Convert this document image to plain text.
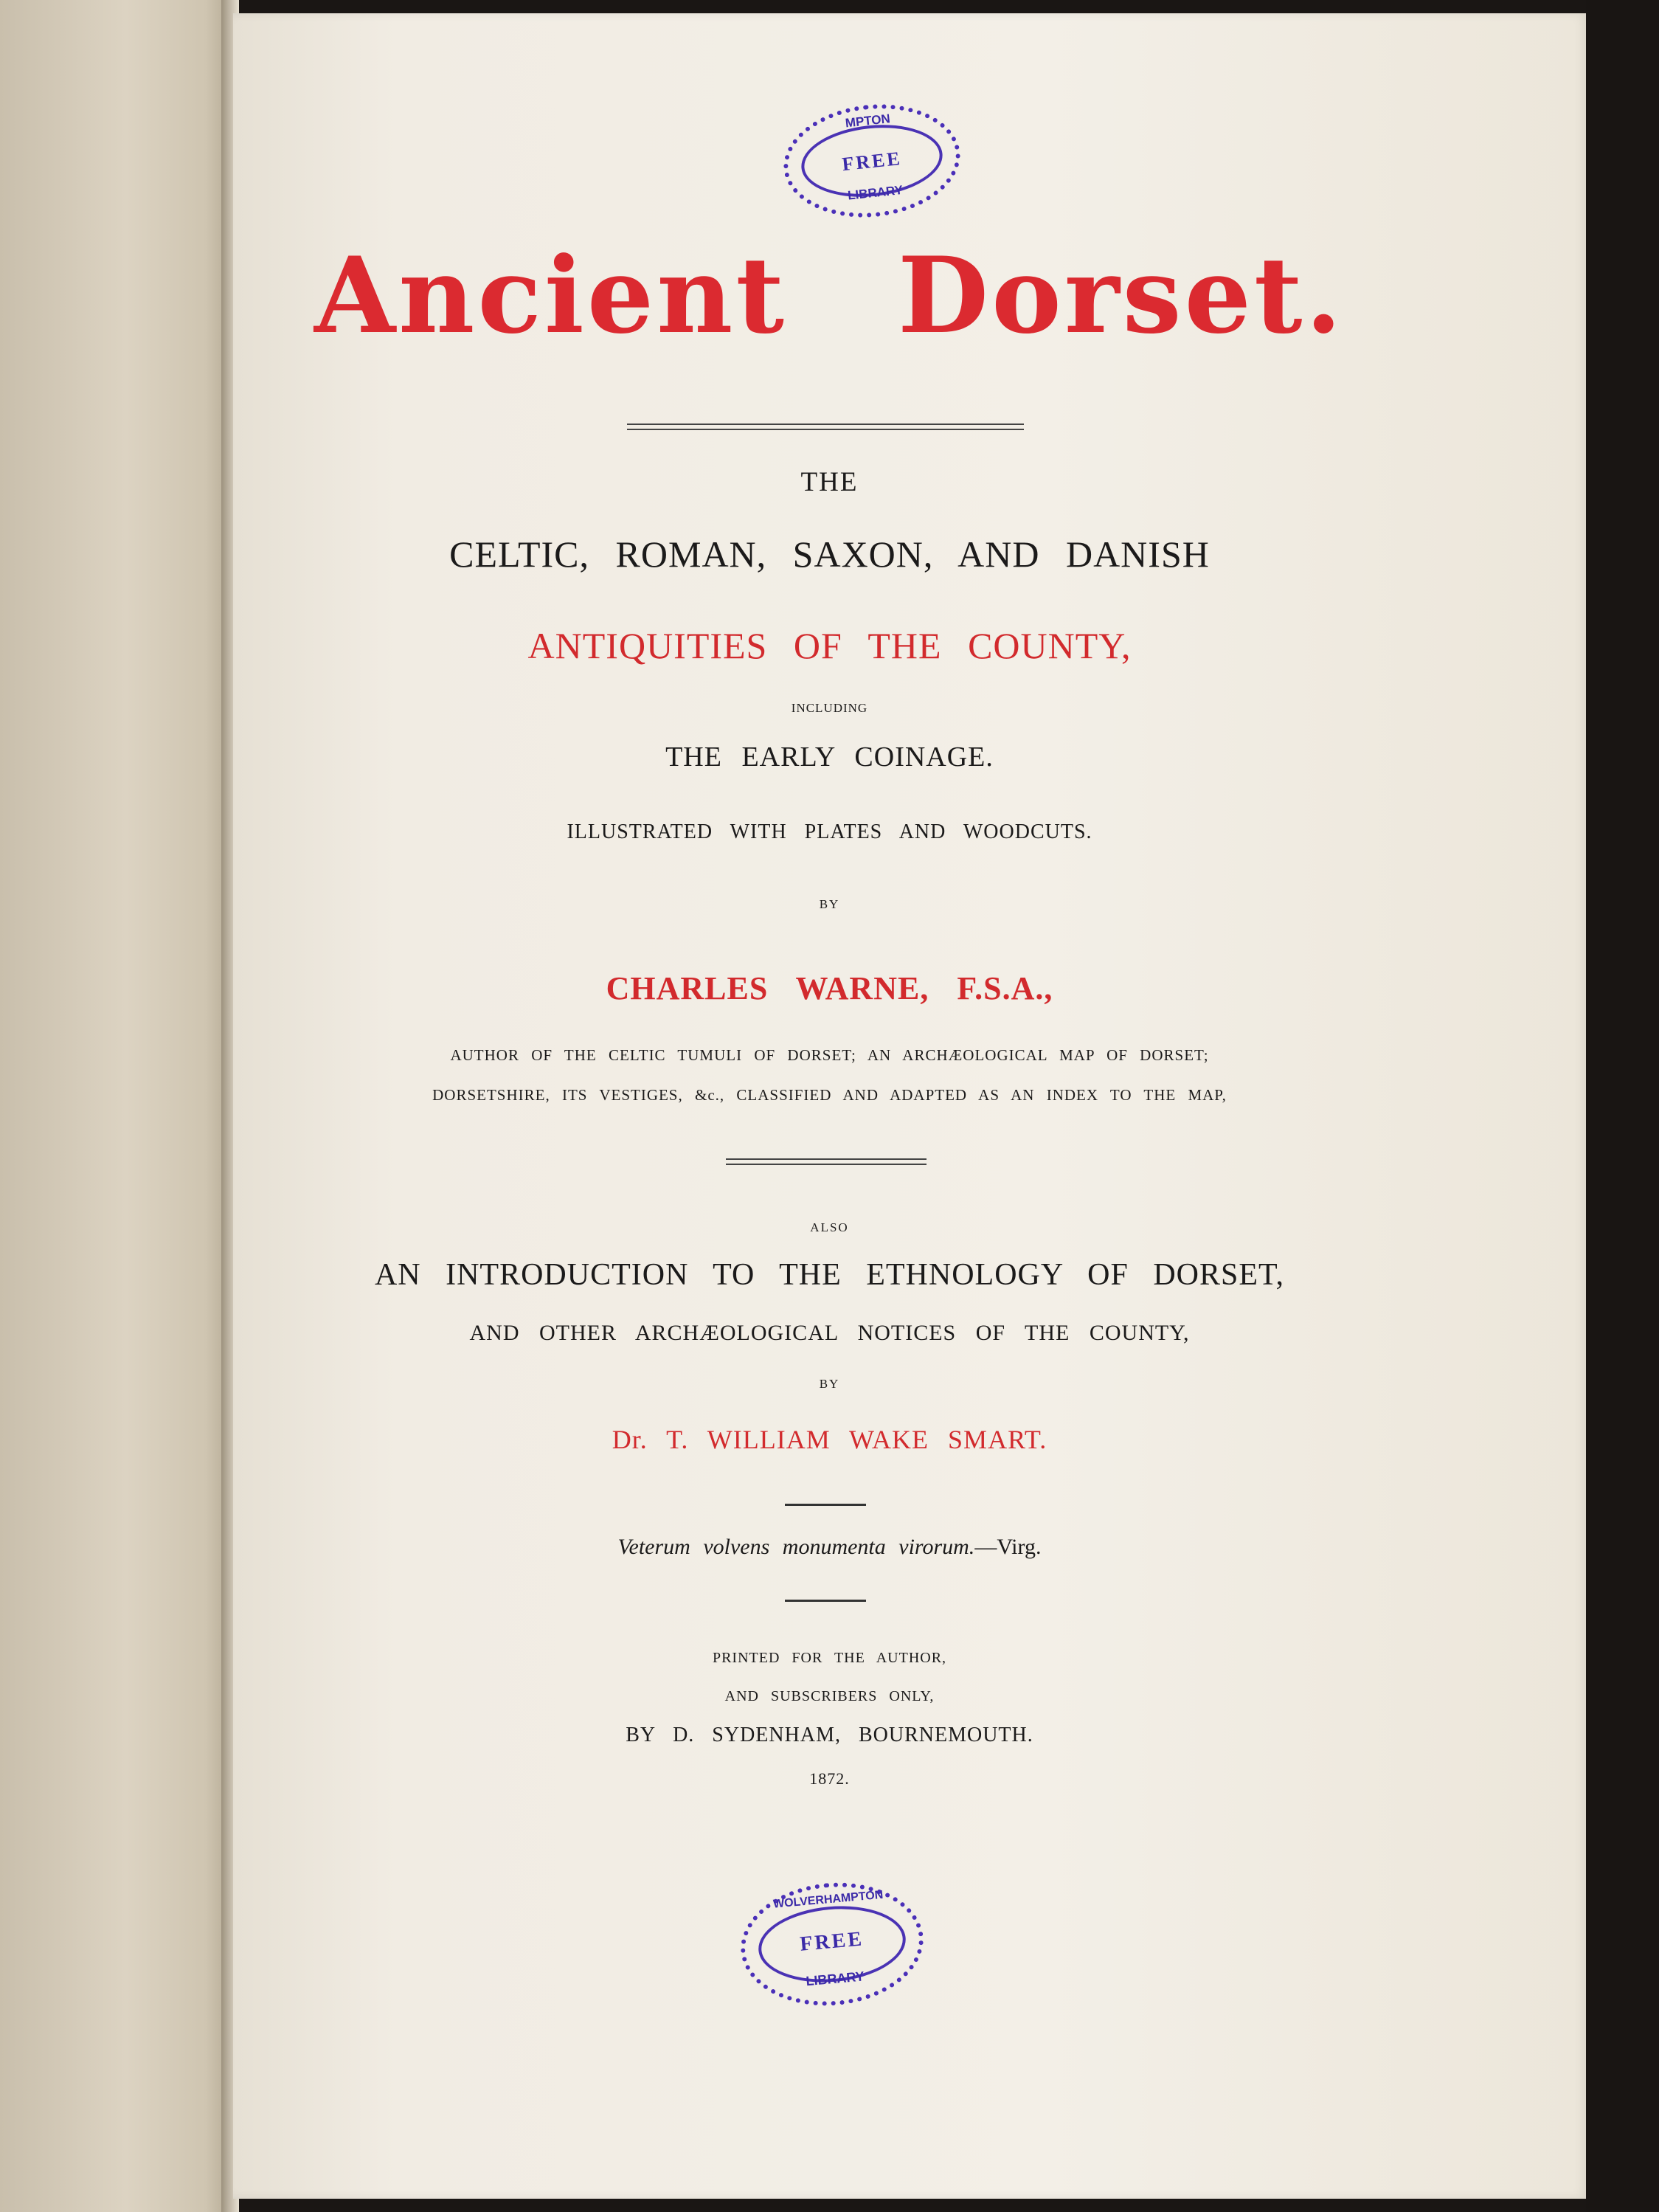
MPTON
FREE
LIBRARY
Ancient Dorset.
THE
CELTIC, ROMAN, SAXON, AND DANISH
ANTIQUITIES OF THE COUNTY,
INCLUDING
THE EARLY COINAGE.
ILLUSTRATED WITH PLATES AND WOODCUTS.
BY
CHARLES WARNE, F.S.A.,
AUTHOR OF THE CELTIC TUMULI OF DORSET; AN ARCHÆOLOGICAL MAP OF DORSET;
DORSETSHIRE, ITS VESTIGES, &c., CLASSIFIED AND ADAPTED AS AN INDEX TO THE MAP,
ALSO
AN INTRODUCTION TO THE ETHNOLOGY OF DORSET,
AND OTHER ARCHÆOLOGICAL NOTICES OF THE COUNTY,
BY
Dr. T. WILLIAM WAKE SMART.
Veterum volvens monumenta virorum.—Virg.
PRINTED FOR THE AUTHOR,
AND SUBSCRIBERS ONLY,
BY D. SYDENHAM, BOURNEMOUTH.
1872.
WOLVERHAMPTON
FREE
LIBRARY
